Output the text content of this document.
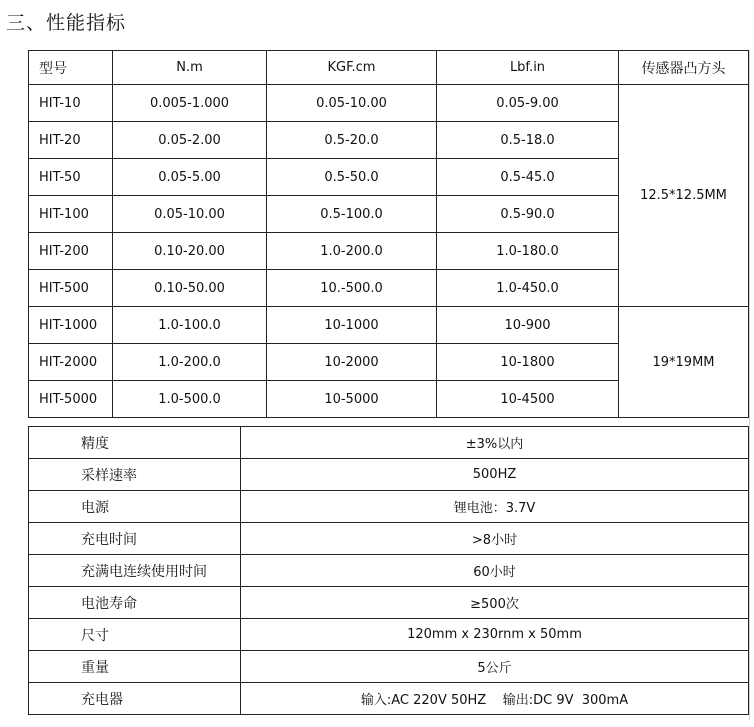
三、性能指标
型号	N.m	KGF.cm	Lbf.in	传感器凸方头
HIT-10	0.005-1.000	0.05-10.00	0.05-9.00	12.5*12.5MM
HIT-20	0.05-2.00	0.5-20.0	0.5-18.0	
HIT-50	0.05-5.00	0.5-50.0	0.5-45.0	
HIT-100	0.05-10.00	0.5-100.0	0.5-90.0	
HIT-200	0.10-20.00	1.0-200.0	1.0-180.0	
HIT-500	0.10-50.00	10.-500.0	1.0-450.0	
HIT-1000	1.0-100.0	10-1000	10-900	19*19MM
HIT-2000	1.0-200.0	10-2000	10-1800	
HIT-5000	1.0-500.0	10-5000	10-4500	
精度	±3%以内
采样速率	500HZ
电源	锂电池：3.7V
充电时间	>8小时
充满电连续使用时间	60小时
电池寿命	≥500次
尺寸	120mm x 230rnm x 50mm
重量	5公斤
充电器	输入:AC 220V 50HZ    输出:DC 9V  300mA
